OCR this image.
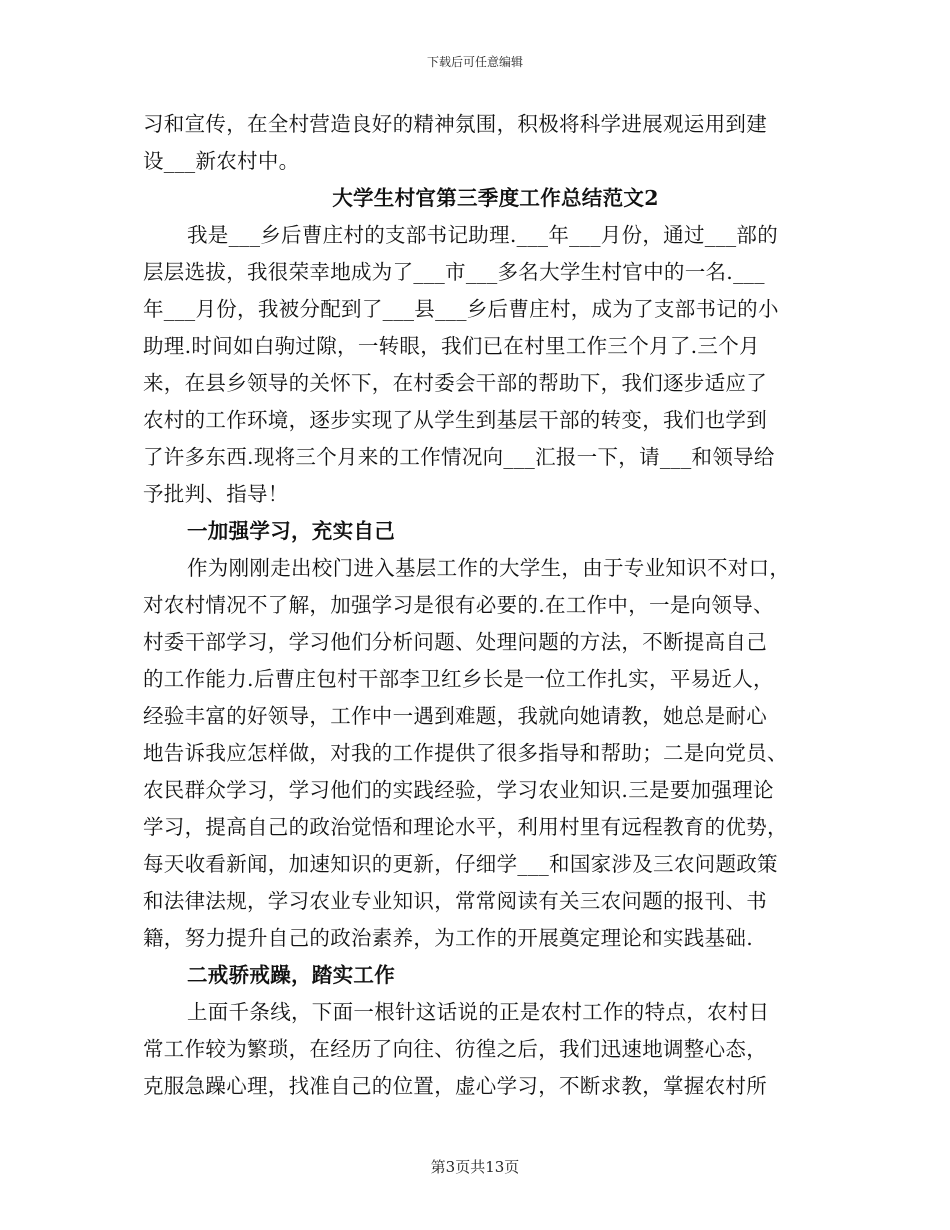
下载后可任意编辑
习和宣传，在全村营造良好的精神氛围，积极将科学进展观运用到建
设___新农村中。
大学生村官第三季度工作总结范文2
我是___乡后曹庄村的支部书记助理.___年___月份，通过___部的
层层选拔，我很荣幸地成为了___市___多名大学生村官中的一名.___
年___月份，我被分配到了___县___乡后曹庄村，成为了支部书记的小
助理.时间如白驹过隙，一转眼，我们已在村里工作三个月了.三个月
来，在县乡领导的关怀下，在村委会干部的帮助下，我们逐步适应了
农村的工作环境，逐步实现了从学生到基层干部的转变，我们也学到
了许多东西.现将三个月来的工作情况向___汇报一下，请___和领导给
予批判、指导！
一加强学习，充实自己
作为刚刚走出校门进入基层工作的大学生，由于专业知识不对口，
对农村情况不了解，加强学习是很有必要的.在工作中，一是向领导、
村委干部学习，学习他们分析问题、处理问题的方法，不断提高自己
的工作能力.后曹庄包村干部李卫红乡长是一位工作扎实，平易近人，
经验丰富的好领导，工作中一遇到难题，我就向她请教，她总是耐心
地告诉我应怎样做，对我的工作提供了很多指导和帮助；二是向党员、
农民群众学习，学习他们的实践经验，学习农业知识.三是要加强理论
学习，提高自己的政治觉悟和理论水平，利用村里有远程教育的优势，
每天收看新闻，加速知识的更新，仔细学___和国家涉及三农问题政策
和法律法规，学习农业专业知识，常常阅读有关三农问题的报刊、书
籍，努力提升自己的政治素养，为工作的开展奠定理论和实践基础.
二戒骄戒躁，踏实工作
上面千条线，下面一根针这话说的正是农村工作的特点，农村日
常工作较为繁琐，在经历了向往、彷徨之后，我们迅速地调整心态，
克服急躁心理，找准自己的位置，虚心学习，不断求教，掌握农村所
第3页共13页
